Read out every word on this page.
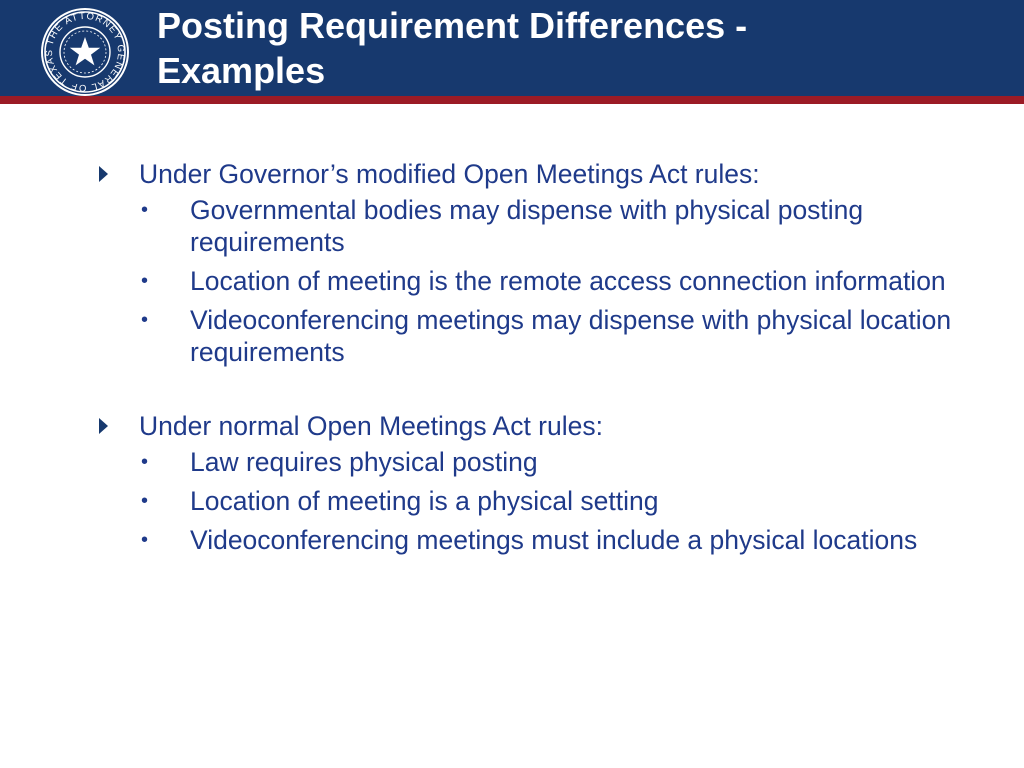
THE ATTORNEY GENERAL OF TEXAS
Posting Requirement Differences -
Examples
Under Governor’s modified Open Meetings Act rules:
• Governmental bodies may dispense with physical posting requirements
• Location of meeting is the remote access connection information
• Videoconferencing meetings may dispense with physical location requirements
Under normal Open Meetings Act rules:
• Law requires physical posting
• Location of meeting is a physical setting
• Videoconferencing meetings must include a physical locations
